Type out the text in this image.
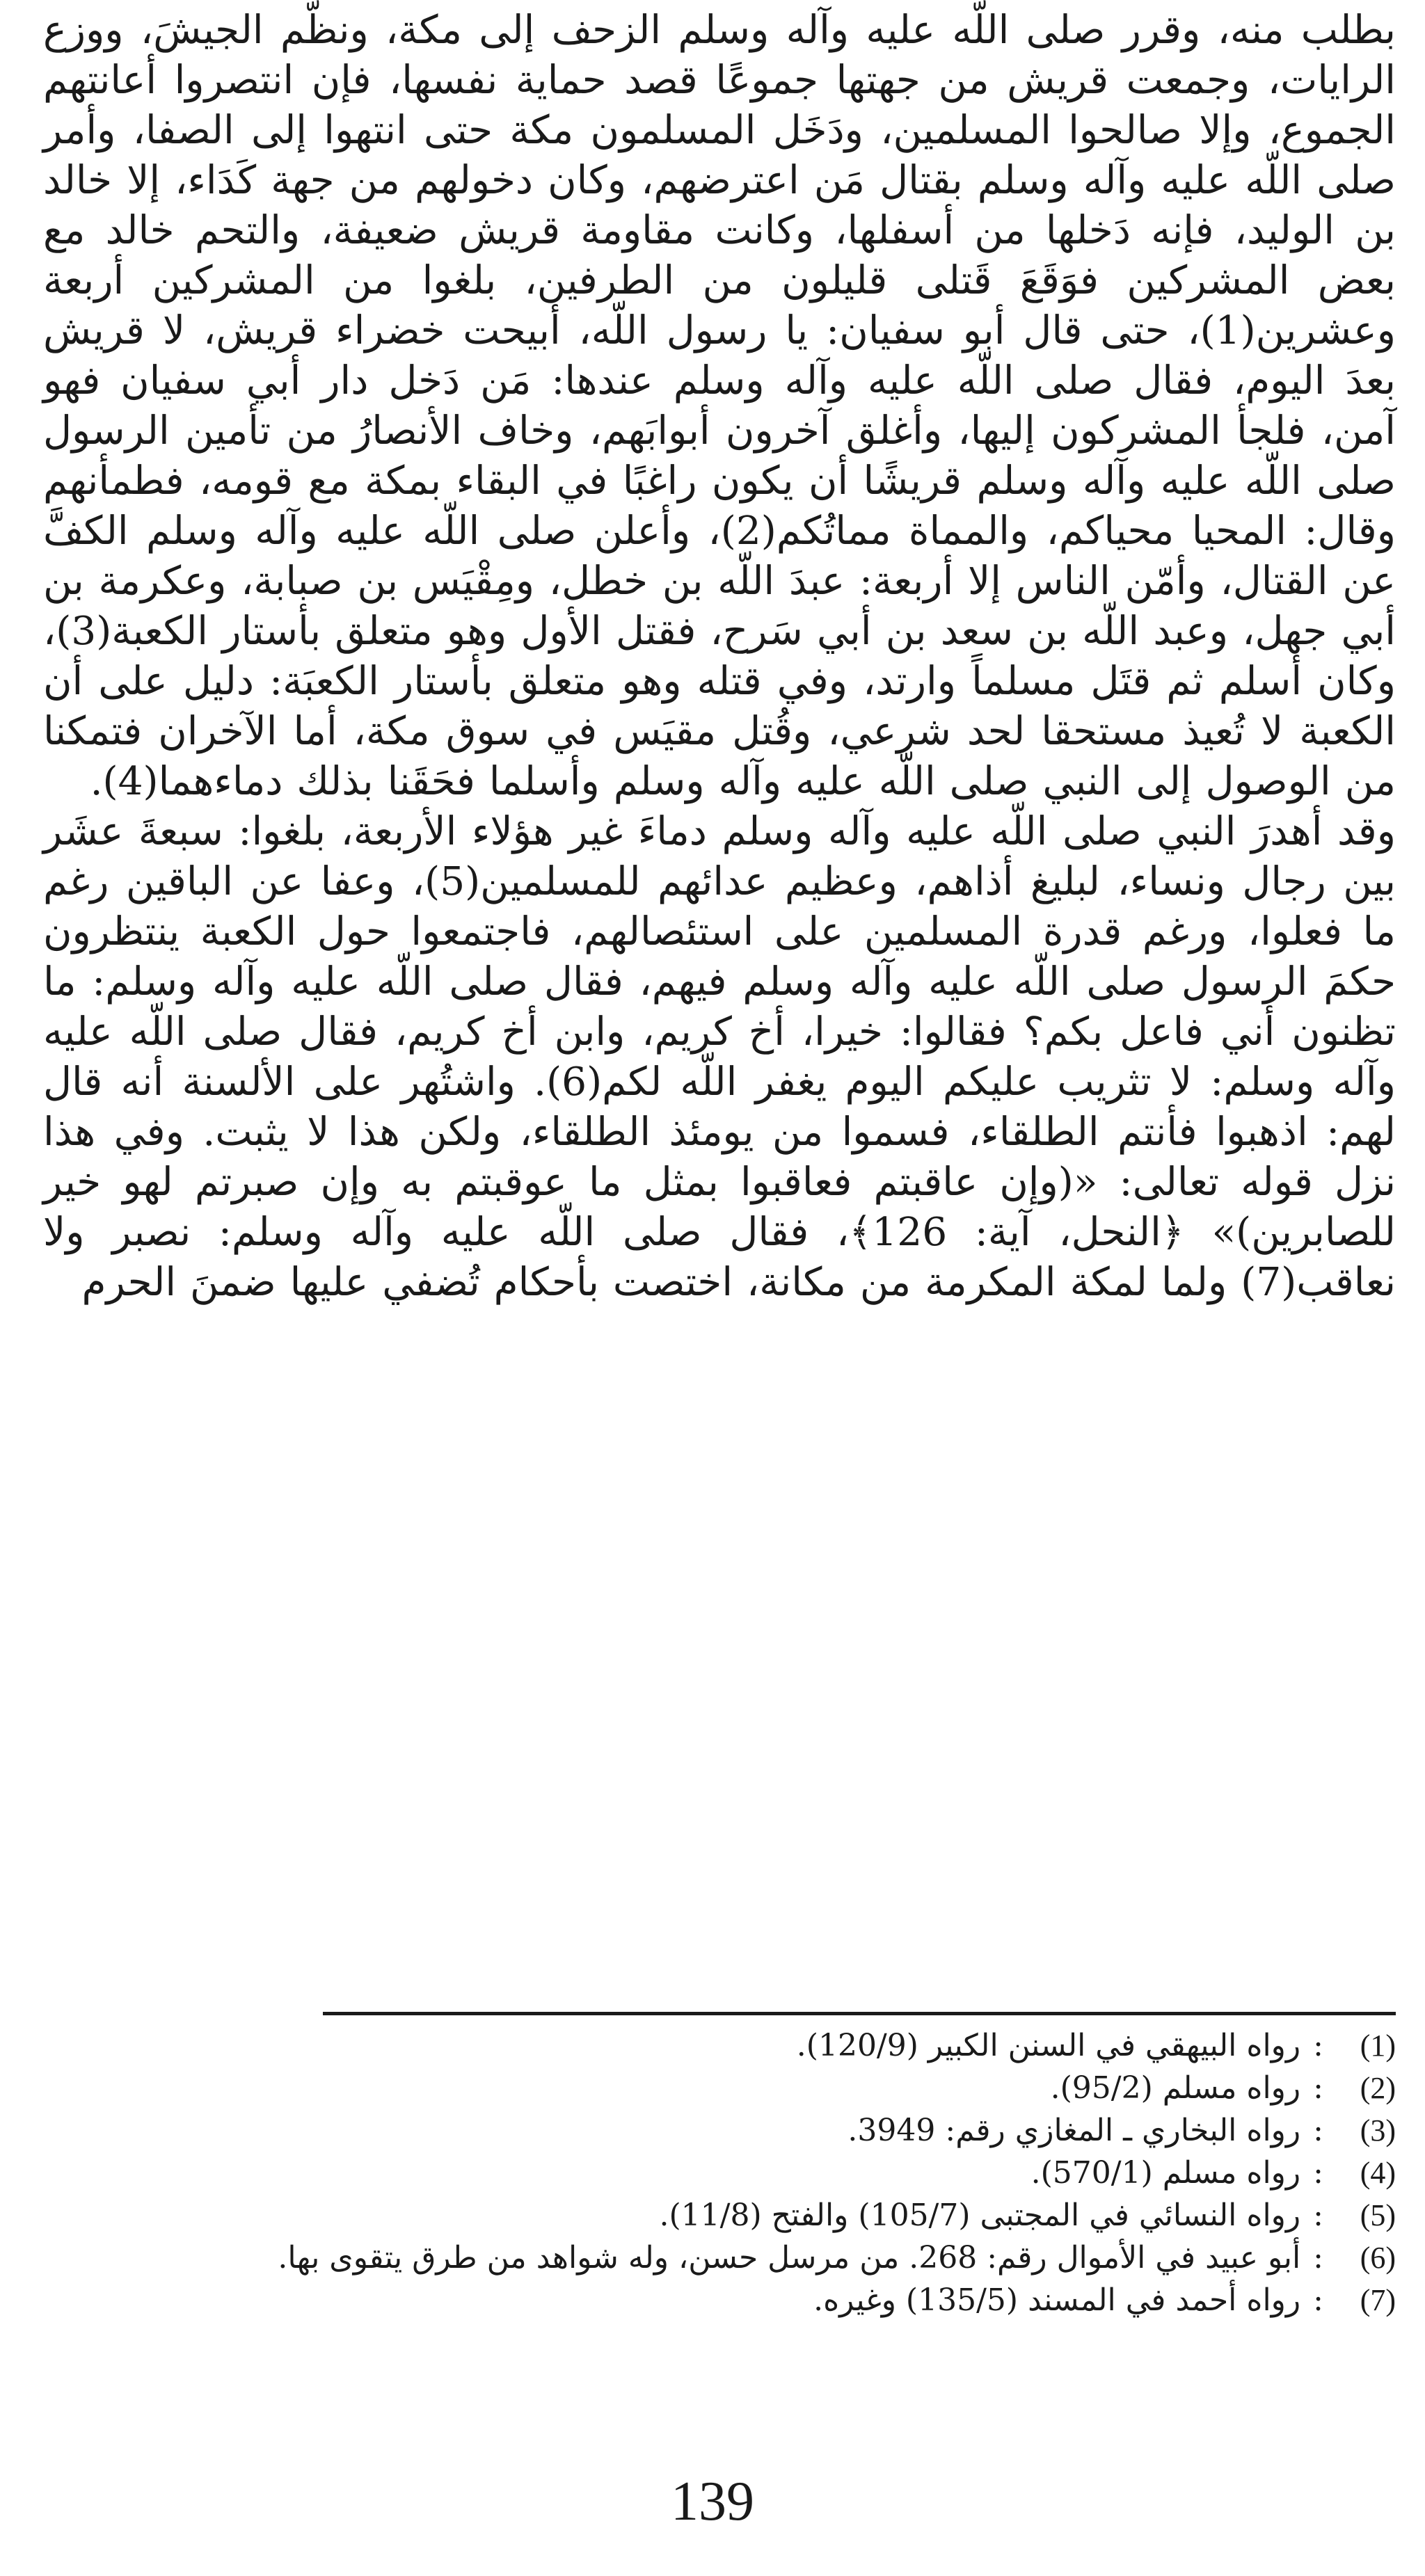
بطلب منه، وقرر صلى اللّه عليه وآله وسلم الزحف إلى مكة، ونظّم الجيشَ، ووزع الرايات، وجمعت قريش من جهتها جموعًا قصد حماية نفسها، فإن انتصروا أعانتهم الجموع، وإلا صالحوا المسلمين، ودَخَل المسلمون مكة حتى انتهوا إلى الصفا، وأمر صلى اللّه عليه وآله وسلم بقتال مَن اعترضهم، وكان دخولهم من جهة كَدَاء، إلا خالد بن الوليد، فإنه دَخلها من أسفلها، وكانت مقاومة قريش ضعيفة، والتحم خالد مع بعض المشركين فوَقَعَ قَتلى قليلون من الطرفين، بلغوا من المشركين أربعة وعشرين(1)، حتى قال أبو سفيان: يا رسول اللّه، أبيحت خضراء قريش، لا قريش بعدَ اليوم، فقال صلى اللّه عليه وآله وسلم عندها: مَن دَخل دار أبي سفيان فهو آمن، فلجأ المشركون إليها، وأغلق آخرون أبوابَهم، وخاف الأنصارُ من تأمين الرسول صلى اللّه عليه وآله وسلم قريشًا أن يكون راغبًا في البقاء بمكة مع قومه، فطمأنهم وقال: المحيا محياكم، والمماة مماتُكم(2)، وأعلن صلى اللّه عليه وآله وسلم الكفَّ عن القتال، وأمّن الناس إلا أربعة: عبدَ اللّه بن خطل، ومِقْيَس بن صبابة، وعكرمة بن أبي جهل، وعبد اللّه بن سعد بن أبي سَرح، فقتل الأول وهو متعلق بأستار الكعبة(3)، وكان أسلم ثم قتَل مسلماً وارتد، وفي قتله وهو متعلق بأستار الكعبَة: دليل على أن الكعبة لا تُعيذ مستحقا لحد شرعي، وقُتل مقيَس في سوق مكة، أما الآخران فتمكنا من الوصول إلى النبي صلى اللّه عليه وآله وسلم وأسلما فحَقَنا بذلك دماءهما(4).

وقد أهدرَ النبي صلى اللّه عليه وآله وسلم دماءَ غير هؤلاء الأربعة، بلغوا: سبعةَ عشَر بين رجال ونساء، لبليغ أذاهم، وعظيم عدائهم للمسلمين(5)، وعفا عن الباقين رغم ما فعلوا، ورغم قدرة المسلمين على استئصالهم، فاجتمعوا حول الكعبة ينتظرون حكمَ الرسول صلى اللّه عليه وآله وسلم فيهم، فقال صلى اللّه عليه وآله وسلم: ما تظنون أني فاعل بكم؟ فقالوا: خيرا، أخ كريم، وابن أخ كريم، فقال صلى اللّه عليه وآله وسلم: لا تثريب عليكم اليوم يغفر اللّه لكم(6). واشتُهر على الألسنة أنه قال لهم: اذهبوا فأنتم الطلقاء، فسموا من يومئذ الطلقاء، ولكن هذا لا يثبت. وفي هذا نزل قوله تعالى: «(وإن عاقبتم فعاقبوا بمثل ما عوقبتم به وإن صبرتم لهو خير للصابرين)» ﴿النحل، آية: 126﴾، فقال صلى اللّه عليه وآله وسلم: نصبر ولا نعاقب(7) ولما لمكة المكرمة من مكانة، اختصت بأحكام تُضفي عليها ضمنَ الحرم

(1):رواه البيهقي في السنن الكبير (120/9).
(2):رواه مسلم (95/2).
(3):رواه البخاري ـ المغازي رقم: 3949.
(4):رواه مسلم (570/1).
(5):رواه النسائي في المجتبى (105/7) والفتح (11/8).
(6):أبو عبيد في الأموال رقم: 268. من مرسل حسن، وله شواهد من طرق يتقوى بها.
(7):رواه أحمد في المسند (135/5) وغيره.
139
